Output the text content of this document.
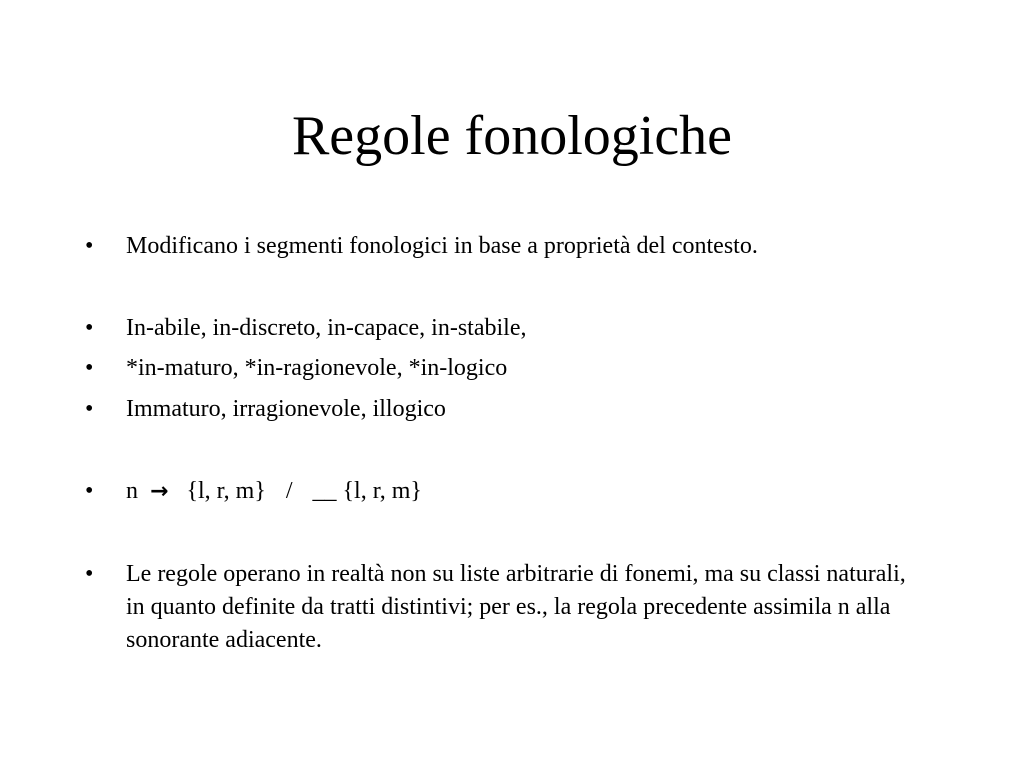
Regole fonologiche
•	Modificano i segmenti fonologici in base a proprietà del contesto.
•	In-abile, in-discreto, in-capace, in-stabile,
•	*in-maturo, *in-ragionevole, *in-logico
•	Immaturo, irragionevole, illogico
•	n → {l, r, m} / __ {l, r, m}
•	Le regole operano in realtà non su liste arbitrarie di fonemi, ma su classi naturali, in quanto definite da tratti distintivi; per es., la regola precedente assimila n alla sonorante adiacente.
